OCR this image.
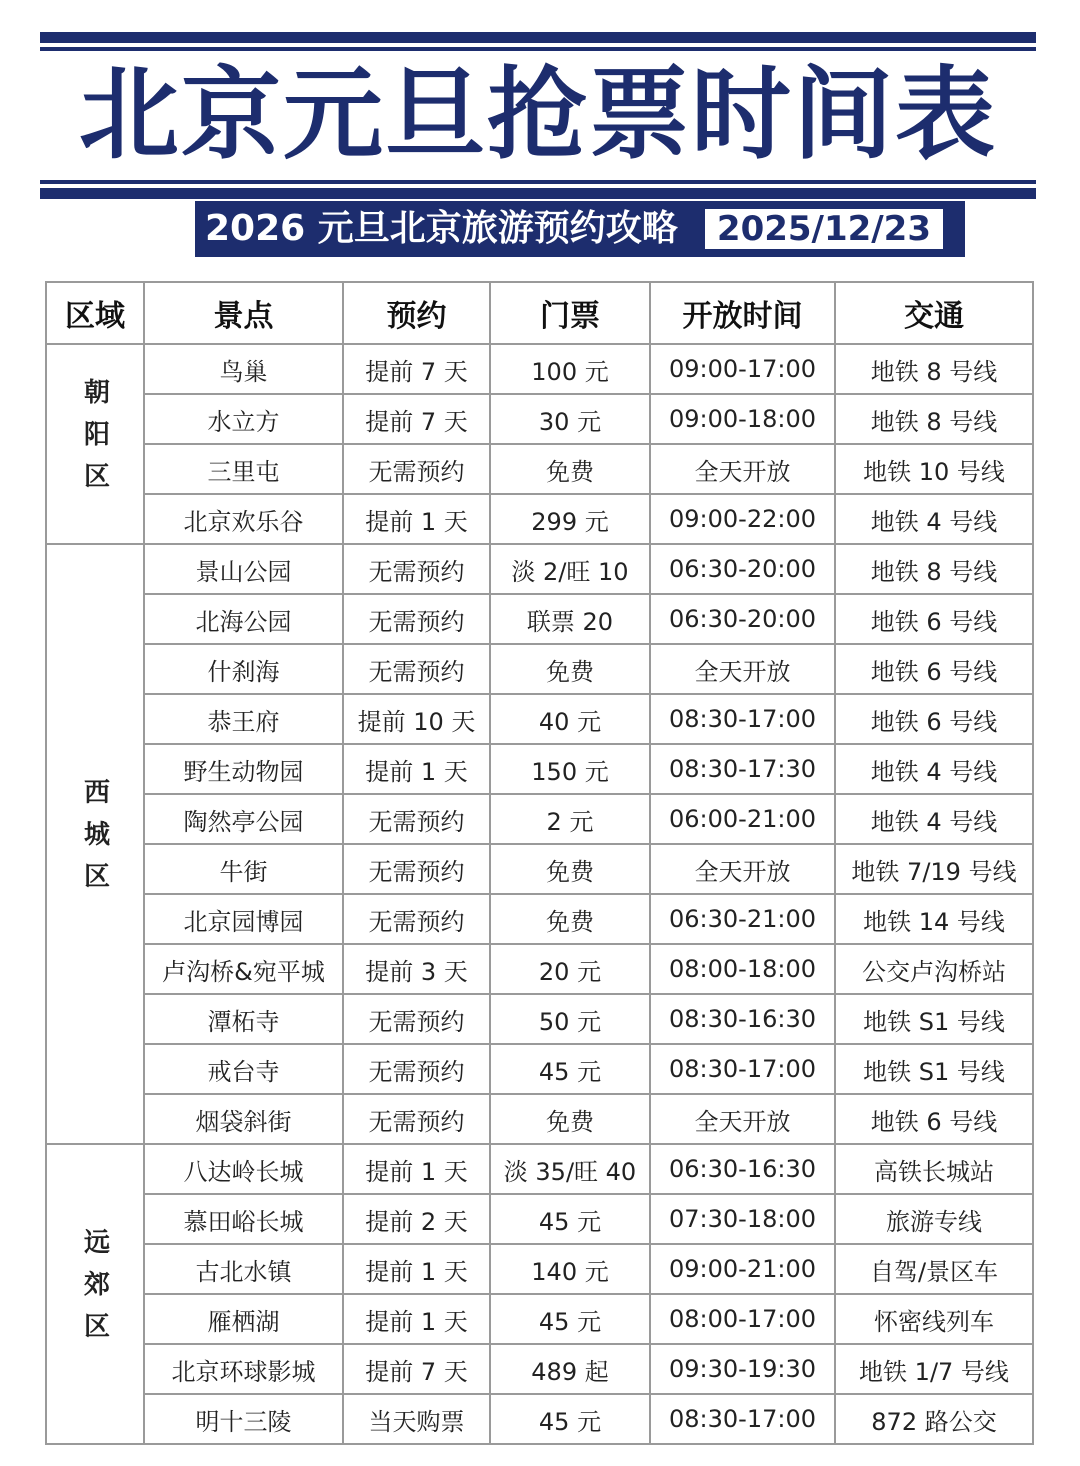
北京元旦抢票时间表
2026 元旦北京旅游预约攻略	2025/12/23
区域	景点	预约	门票	开放时间	交通
朝阳区	鸟巢	提前 7 天	100 元	09:00-17:00	地铁 8 号线
	水立方	提前 7 天	30 元	09:00-18:00	地铁 8 号线
	三里屯	无需预约	免费	全天开放	地铁 10 号线
	北京欢乐谷	提前 1 天	299 元	09:00-22:00	地铁 4 号线
西城区	景山公园	无需预约	淡 2/旺 10	06:30-20:00	地铁 8 号线
	北海公园	无需预约	联票 20	06:30-20:00	地铁 6 号线
	什刹海	无需预约	免费	全天开放	地铁 6 号线
	恭王府	提前 10 天	40 元	08:30-17:00	地铁 6 号线
	野生动物园	提前 1 天	150 元	08:30-17:30	地铁 4 号线
	陶然亭公园	无需预约	2 元	06:00-21:00	地铁 4 号线
	牛街	无需预约	免费	全天开放	地铁 7/19 号线
	北京园博园	无需预约	免费	06:30-21:00	地铁 14 号线
	卢沟桥&宛平城	提前 3 天	20 元	08:00-18:00	公交卢沟桥站
	潭柘寺	无需预约	50 元	08:30-16:30	地铁 S1 号线
	戒台寺	无需预约	45 元	08:30-17:00	地铁 S1 号线
	烟袋斜街	无需预约	免费	全天开放	地铁 6 号线
远郊区	八达岭长城	提前 1 天	淡 35/旺 40	06:30-16:30	高铁长城站
	慕田峪长城	提前 2 天	45 元	07:30-18:00	旅游专线
	古北水镇	提前 1 天	140 元	09:00-21:00	自驾/景区车
	雁栖湖	提前 1 天	45 元	08:00-17:00	怀密线列车
	北京环球影城	提前 7 天	489 起	09:30-19:30	地铁 1/7 号线
	明十三陵	当天购票	45 元	08:30-17:00	872 路公交
